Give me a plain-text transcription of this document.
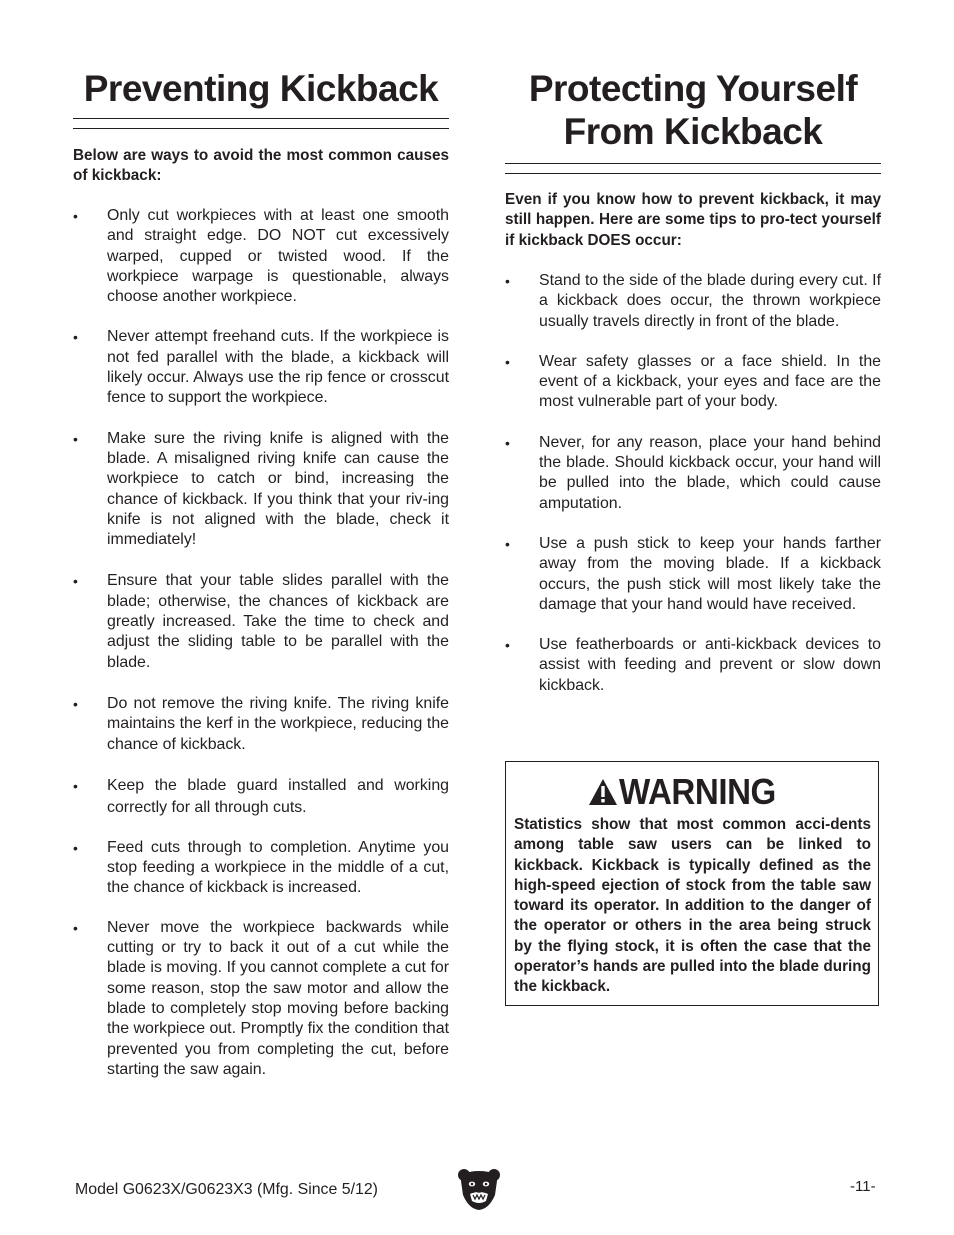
Preventing Kickback

Below are ways to avoid the most common causes of kickback:

•	Only cut workpieces with at least one smooth and straight edge. DO NOT cut excessively warped, cupped or twisted wood. If the workpiece warpage is questionable, always choose another workpiece.
•	Never attempt freehand cuts. If the workpiece is not fed parallel with the blade, a kickback will likely occur. Always use the rip fence or crosscut fence to support the workpiece.
•	Make sure the riving knife is aligned with the blade. A misaligned riving knife can cause the workpiece to catch or bind, increasing the chance of kickback. If you think that your riv-ing knife is not aligned with the blade, check it immediately!
•	Ensure that your table slides parallel with the blade; otherwise, the chances of kickback are greatly increased. Take the time to check and adjust the sliding table to be parallel with the blade.
•	Do not remove the riving knife. The riving knife maintains the kerf in the workpiece, reducing the chance of kickback.
•	Keep the blade guard installed and working correctly for all through cuts.
•	Feed cuts through to completion. Anytime you stop feeding a workpiece in the middle of a cut, the chance of kickback is increased.
•	Never move the workpiece backwards while cutting or try to back it out of a cut while the blade is moving. If you cannot complete a cut for some reason, stop the saw motor and allow the blade to completely stop moving before backing the workpiece out. Promptly fix the condition that prevented you from completing the cut, before starting the saw again.
Protecting Yourself
From Kickback

Even if you know how to prevent kickback, it may still happen. Here are some tips to pro-tect yourself if kickback DOES occur:

•	Stand to the side of the blade during every cut. If a kickback does occur, the thrown workpiece usually travels directly in front of the blade.
•	Wear safety glasses or a face shield. In the event of a kickback, your eyes and face are the most vulnerable part of your body.
•	Never, for any reason, place your hand behind the blade. Should kickback occur, your hand will be pulled into the blade, which could cause amputation.
•	Use a push stick to keep your hands farther away from the moving blade. If a kickback occurs, the push stick will most likely take the damage that your hand would have received.
•	Use featherboards or anti-kickback devices to assist with feeding and prevent or slow down kickback.
WARNING

Statistics show that most common acci-dents among table saw users can be linked to kickback. Kickback is typically defined as the high-speed ejection of stock from the table saw toward its operator. In addition to the danger of the operator or others in the area being struck by the flying stock, it is often the case that the operator’s hands are pulled into the blade during the kickback.

Model G0623X/G0623X3 (Mfg. Since 5/12)	-11-
